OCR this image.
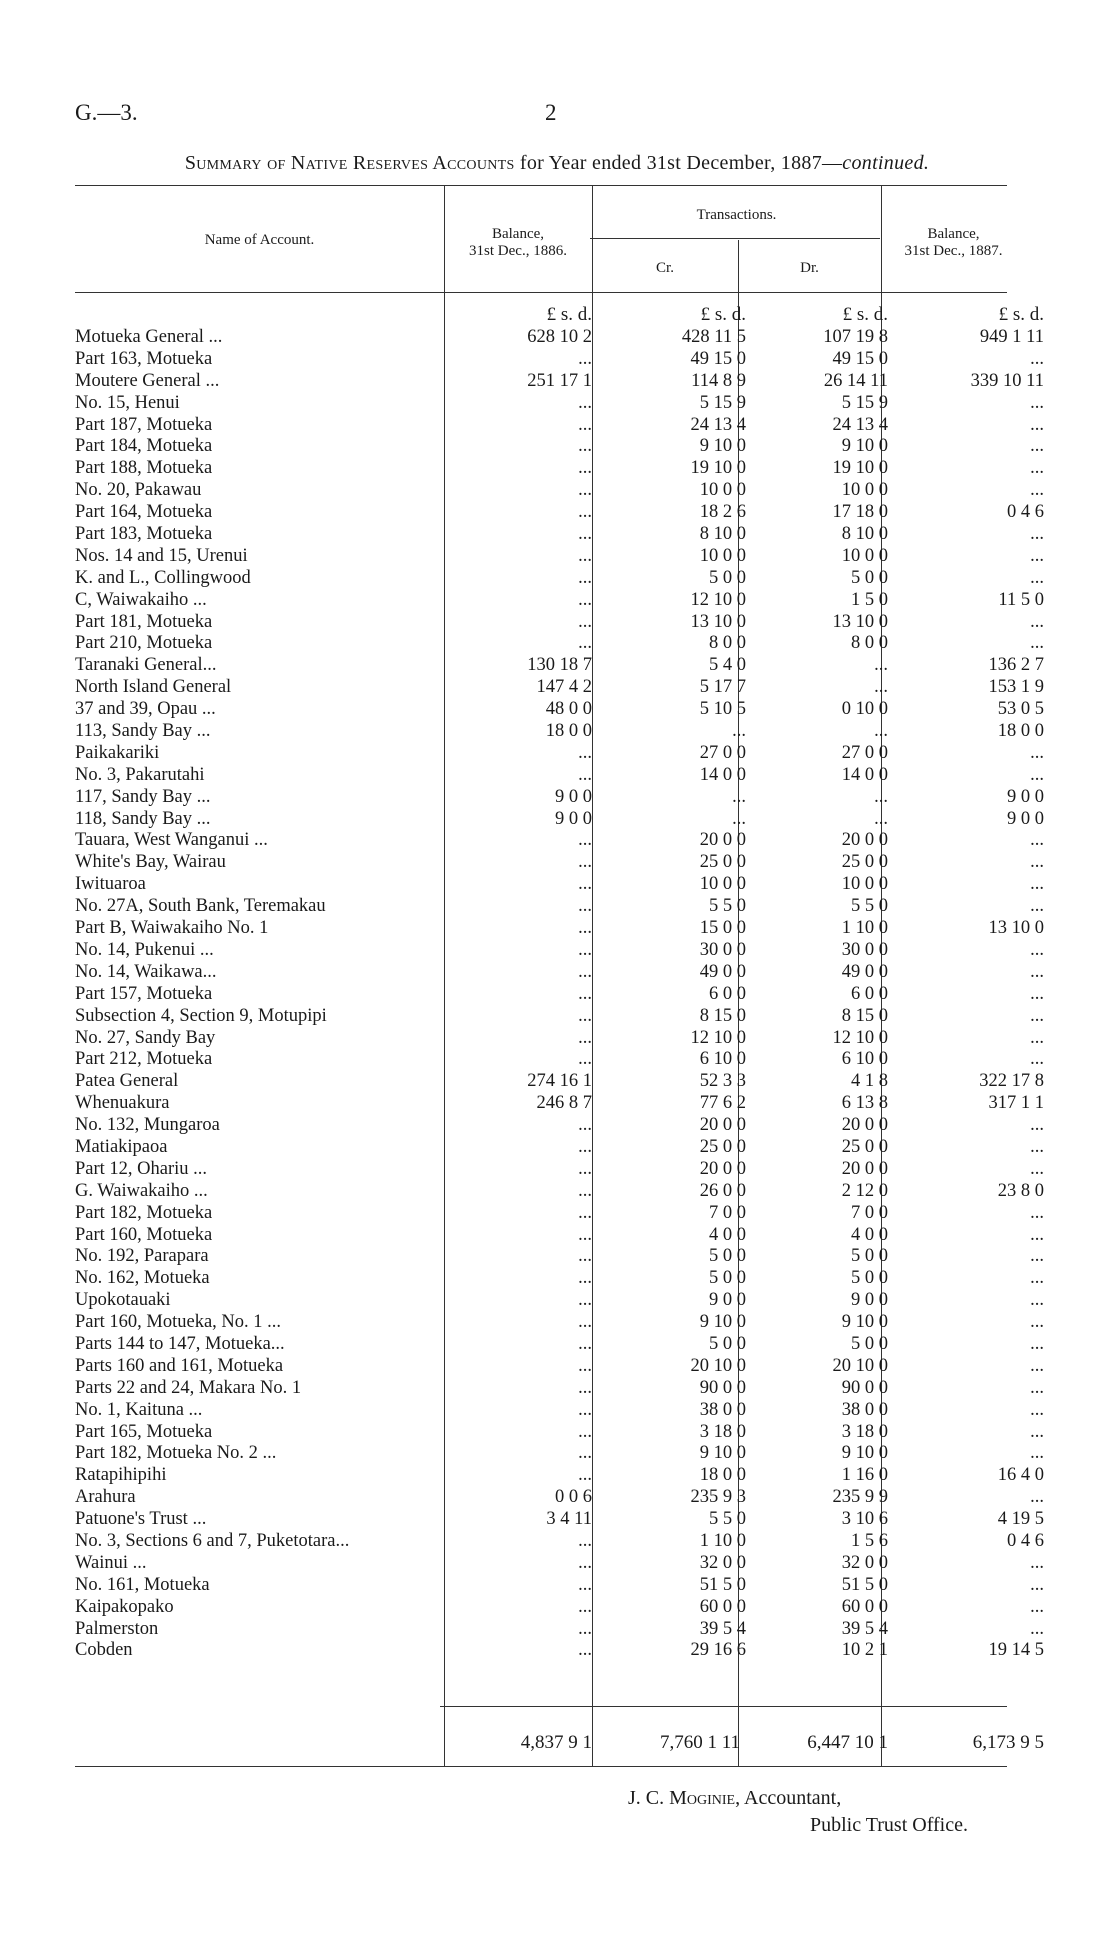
G.—3.	2
Summary of Native Reserves Accounts for Year ended 31st December, 1887—continued.
Name of Account.	Balance,
31st Dec., 1886.
Transactions.
Cr.	Dr.
Balance,
31st Dec., 1887.
£ s. d.	£ s. d.	£ s. d.	£ s. d.
Motueka General ...	628 10 2	428 11 5	107 19 8	949 1 11
Part 163, Motueka	...	49 15 0	49 15 0	...
Moutere General ...	251 17 1	114 8 9	26 14 11	339 10 11
No. 15, Henui	...	5 15 9	5 15 9	...
Part 187, Motueka	...	24 13 4	24 13 4	...
Part 184, Motueka	...	9 10 0	9 10 0	...
Part 188, Motueka	...	19 10 0	19 10 0	...
No. 20, Pakawau	...	10 0 0	10 0 0	...
Part 164, Motueka	...	18 2 6	17 18 0	0 4 6
Part 183, Motueka	...	8 10 0	8 10 0	...
Nos. 14 and 15, Urenui	...	10 0 0	10 0 0	...
K. and L., Collingwood	...	5 0 0	5 0 0	...
C, Waiwakaiho ...	...	12 10 0	1 5 0	11 5 0
Part 181, Motueka	...	13 10 0	13 10 0	...
Part 210, Motueka	...	8 0 0	8 0 0	...
Taranaki General...	130 18 7	5 4 0	...	136 2 7
North Island General	147 4 2	5 17 7	...	153 1 9
37 and 39, Opau ...	48 0 0	5 10 5	0 10 0	53 0 5
113, Sandy Bay ...	18 0 0	...	...	18 0 0
Paikakariki	...	27 0 0	27 0 0	...
No. 3, Pakarutahi	...	14 0 0	14 0 0	...
117, Sandy Bay ...	9 0 0	...	...	9 0 0
118, Sandy Bay ...	9 0 0	...	...	9 0 0
Tauara, West Wanganui ...	...	20 0 0	20 0 0	...
White's Bay, Wairau	...	25 0 0	25 0 0	...
Iwituaroa	...	10 0 0	10 0 0	...
No. 27A, South Bank, Teremakau	...	5 5 0	5 5 0	...
Part B, Waiwakaiho No. 1	...	15 0 0	1 10 0	13 10 0
No. 14, Pukenui ...	...	30 0 0	30 0 0	...
No. 14, Waikawa...	...	49 0 0	49 0 0	...
Part 157, Motueka	...	6 0 0	6 0 0	...
Subsection 4, Section 9, Motupipi	...	8 15 0	8 15 0	...
No. 27, Sandy Bay	...	12 10 0	12 10 0	...
Part 212, Motueka	...	6 10 0	6 10 0	...
Patea General	274 16 1	52 3 3	4 1 8	322 17 8
Whenuakura	246 8 7	77 6 2	6 13 8	317 1 1
No. 132, Mungaroa	...	20 0 0	20 0 0	...
Matiakipaoa	...	25 0 0	25 0 0	...
Part 12, Ohariu ...	...	20 0 0	20 0 0	...
G. Waiwakaiho ...	...	26 0 0	2 12 0	23 8 0
Part 182, Motueka	...	7 0 0	7 0 0	...
Part 160, Motueka	...	4 0 0	4 0 0	...
No. 192, Parapara	...	5 0 0	5 0 0	...
No. 162, Motueka	...	5 0 0	5 0 0	...
Upokotauaki	...	9 0 0	9 0 0	...
Part 160, Motueka, No. 1 ...	...	9 10 0	9 10 0	...
Parts 144 to 147, Motueka...	...	5 0 0	5 0 0	...
Parts 160 and 161, Motueka	...	20 10 0	20 10 0	...
Parts 22 and 24, Makara No. 1	...	90 0 0	90 0 0	...
No. 1, Kaituna ...	...	38 0 0	38 0 0	...
Part 165, Motueka	...	3 18 0	3 18 0	...
Part 182, Motueka No. 2 ...	...	9 10 0	9 10 0	...
Ratapihipihi	...	18 0 0	1 16 0	16 4 0
Arahura	0 0 6	235 9 3	235 9 9	...
Patuone's Trust ...	3 4 11	5 5 0	3 10 6	4 19 5
No. 3, Sections 6 and 7, Puketotara...	...	1 10 0	1 5 6	0 4 6
Wainui ...	...	32 0 0	32 0 0	...
No. 161, Motueka	...	51 5 0	51 5 0	...
Kaipakopako	...	60 0 0	60 0 0	...
Palmerston	...	39 5 4	39 5 4	...
Cobden	...	29 16 6	10 2 1	19 14 5
4,837 9 1	7,760 1 11	6,447 10 1	6,173 9 5
J. C. Moginie, Accountant,
Public Trust Office.
